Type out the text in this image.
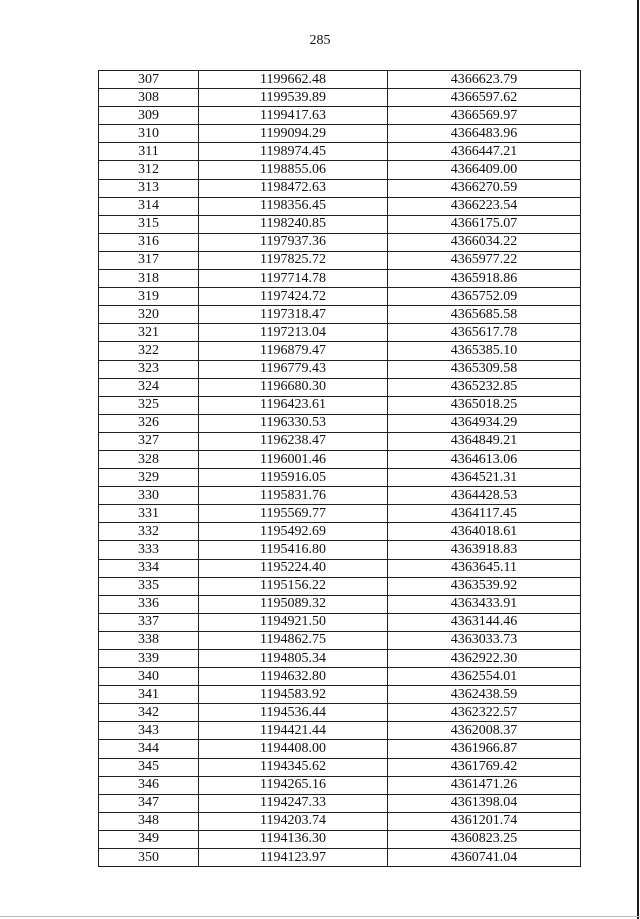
285
307	1199662.48	4366623.79
308	1199539.89	4366597.62
309	1199417.63	4366569.97
310	1199094.29	4366483.96
311	1198974.45	4366447.21
312	1198855.06	4366409.00
313	1198472.63	4366270.59
314	1198356.45	4366223.54
315	1198240.85	4366175.07
316	1197937.36	4366034.22
317	1197825.72	4365977.22
318	1197714.78	4365918.86
319	1197424.72	4365752.09
320	1197318.47	4365685.58
321	1197213.04	4365617.78
322	1196879.47	4365385.10
323	1196779.43	4365309.58
324	1196680.30	4365232.85
325	1196423.61	4365018.25
326	1196330.53	4364934.29
327	1196238.47	4364849.21
328	1196001.46	4364613.06
329	1195916.05	4364521.31
330	1195831.76	4364428.53
331	1195569.77	4364117.45
332	1195492.69	4364018.61
333	1195416.80	4363918.83
334	1195224.40	4363645.11
335	1195156.22	4363539.92
336	1195089.32	4363433.91
337	1194921.50	4363144.46
338	1194862.75	4363033.73
339	1194805.34	4362922.30
340	1194632.80	4362554.01
341	1194583.92	4362438.59
342	1194536.44	4362322.57
343	1194421.44	4362008.37
344	1194408.00	4361966.87
345	1194345.62	4361769.42
346	1194265.16	4361471.26
347	1194247.33	4361398.04
348	1194203.74	4361201.74
349	1194136.30	4360823.25
350	1194123.97	4360741.04
